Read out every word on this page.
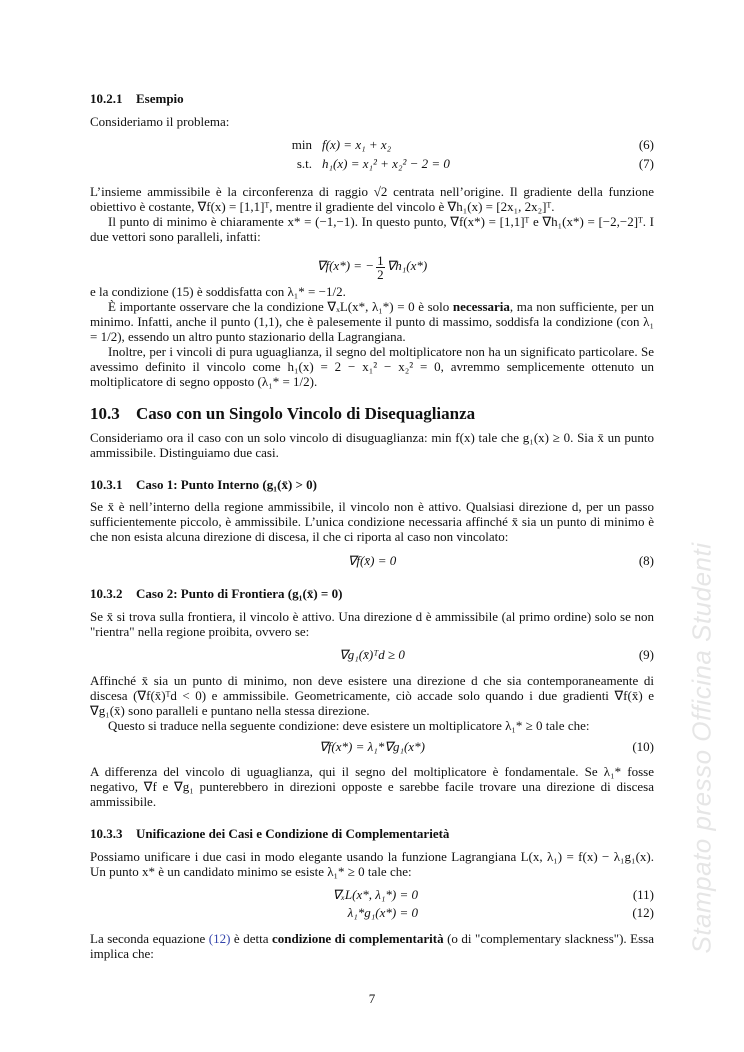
Stampato presso Officina Studenti
10.2.1 Esempio
Consideriamo il problema:
min f(x) = x₁ + x₂	(6)
s.t. h₁(x) = x₁² + x₂² − 2 = 0	(7)
L’insieme ammissibile è la circonferenza di raggio √2 centrata nell’origine. Il gradiente della funzione obiettivo è costante, ∇f(x) = [1,1]ᵀ, mentre il gradiente del vincolo è ∇h₁(x) = [2x₁, 2x₂]ᵀ.
Il punto di minimo è chiaramente x* = (−1,−1). In questo punto, ∇f(x*) = [1,1]ᵀ e ∇h₁(x*) = [−2,−2]ᵀ. I due vettori sono paralleli, infatti:
∇f(x*) = − $\frac{1}{2} \nabla h_1(x*)$
e la condizione (15) è soddisfatta con λ₁* = −1/2.
È importante osservare che la condizione ∇ₓL(x*, λ₁*) = 0 è solo necessaria, ma non sufficiente, per un minimo. Infatti, anche il punto (1,1), che è palesemente il punto di massimo, soddisfa la condizione (con λ₁ = 1/2), essendo un altro punto stazionario della Lagrangiana.
Inoltre, per i vincoli di pura uguaglianza, il segno del moltiplicatore non ha un significato particolare. Se avessimo definito il vincolo come h₁(x) = 2 − x₁² − x₂² = 0, avremmo semplicemente ottenuto un moltiplicatore di segno opposto (λ₁* = 1/2).
10.3 Caso con un Singolo Vincolo di Disequaglianza
Consideriamo ora il caso con un solo vincolo di disuguaglianza: min f(x) tale che g₁(x) ≥ 0. Sia x̄ un punto ammissibile. Distinguiamo due casi.
10.3.1 Caso 1: Punto Interno (g₁(x̄) > 0)
Se x̄ è nell’interno della regione ammissibile, il vincolo non è attivo. Qualsiasi direzione d, per un passo sufficientemente piccolo, è ammissibile. L’unica condizione necessaria affinché x̄ sia un punto di minimo è che non esista alcuna direzione di discesa, il che ci riporta al caso non vincolato:
∇f(x̄) = 0	(8)
10.3.2 Caso 2: Punto di Frontiera (g₁(x̄) = 0)
Se x̄ si trova sulla frontiera, il vincolo è attivo. Una direzione d è ammissibile (al primo ordine) solo se non "rientra" nella regione proibita, ovvero se:
∇g₁(x̄)ᵀd ≥ 0	(9)
Affinché x̄ sia un punto di minimo, non deve esistere una direzione d che sia contemporaneamente di discesa (∇f(x̄)ᵀd < 0) e ammissibile. Geometricamente, ciò accade solo quando i due gradienti ∇f(x̄) e ∇g₁(x̄) sono paralleli e puntano nella stessa direzione.
Questo si traduce nella seguente condizione: deve esistere un moltiplicatore λ₁* ≥ 0 tale che:
∇f(x*) = λ₁*∇g₁(x*)	(10)
A differenza del vincolo di uguaglianza, qui il segno del moltiplicatore è fondamentale. Se λ₁* fosse negativo, ∇f e ∇g₁ punterebbero in direzioni opposte e sarebbe facile trovare una direzione di discesa ammissibile.
10.3.3 Unificazione dei Casi e Condizione di Complementarietà
Possiamo unificare i due casi in modo elegante usando la funzione Lagrangiana L(x, λ₁) = f(x) − λ₁g₁(x). Un punto x* è un candidato minimo se esiste λ₁* ≥ 0 tale che:
∇ₓL(x*, λ₁*) = 0	(11)
λ₁*g₁(x*) = 0	(12)
La seconda equazione (12) è detta condizione di complementarità (o di "complementary slackness"). Essa implica che:
7
